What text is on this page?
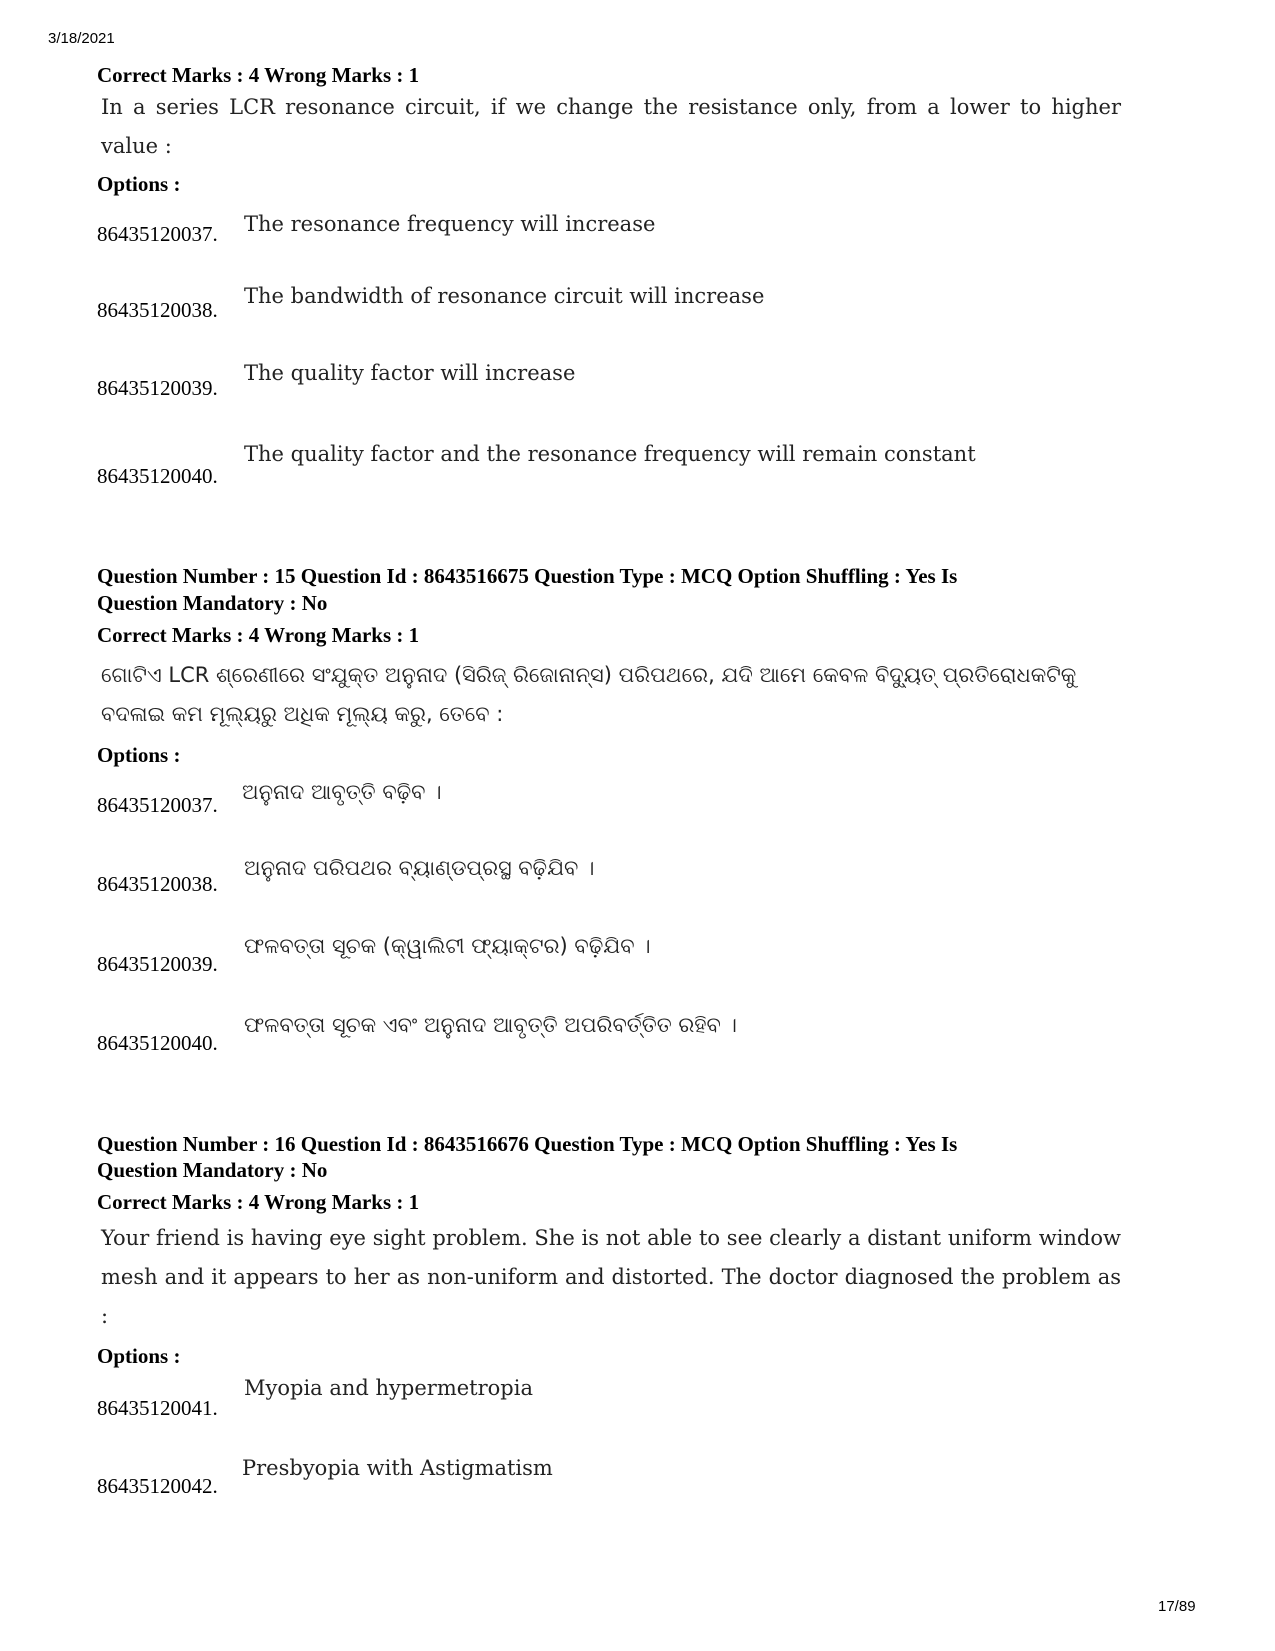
3/18/2021
Correct Marks : 4 Wrong Marks : 1
In a series LCR resonance circuit, if we change the resistance only, from a lower to higher value :
Options :
86435120037. The resonance frequency will increase
86435120038.
The bandwidth of resonance circuit will increase
86435120039.
The quality factor will increase
86435120040.
The quality factor and the resonance frequency will remain constant
Question Number : 15 Question Id : 8643516675 Question Type : MCQ Option Shuffling : Yes Is
Question Mandatory : No
Correct Marks : 4 Wrong Marks : 1
ଗୋଟିଏ LCR ଶ୍ରେଣୀରେ ସଂଯୁକ୍ତ ଅନୁନାଦ (ସିରିଜ୍ ରିଜୋନାନ୍ସ) ପରିପଥରେ, ଯଦି ଆମେ କେବଳ ବିଦ୍ୟୁତ୍ ପ୍ରତିରୋଧକଟିକୁ ବଦଳାଇ କମ ମୂଲ୍ୟରୁ ଅଧିକ ମୂଲ୍ୟ କରୁ, ତେବେ :
Options :
86435120037.
ଅନୁନାଦ ଆବୃତ୍ତି ବଢ଼ିବ ।
86435120038.
ଅନୁନାଦ ପରିପଥର ବ୍ୟାଣ୍ଡପ୍ରସ୍ଥ ବଢ଼ିଯିବ ।
86435120039.
ଫଳବତ୍ତା ସୂଚକ (କ୍ୱାଲିଟୀ ଫ୍ୟାକ୍ଟର) ବଢ଼ିଯିବ ।
86435120040.
ଫଳବତ୍ତା ସୂଚକ ଏବଂ ଅନୁନାଦ ଆବୃତ୍ତି ଅପରିବର୍ତ୍ତିତ ରହିବ ।
Question Number : 16 Question Id : 8643516676 Question Type : MCQ Option Shuffling : Yes Is
Question Mandatory : No
Correct Marks : 4 Wrong Marks : 1
Your friend is having eye sight problem. She is not able to see clearly a distant uniform window mesh and it appears to her as non-uniform and distorted. The doctor diagnosed the problem as :
Options :
86435120041.
Myopia and hypermetropia
86435120042.
Presbyopia with Astigmatism
17/89
